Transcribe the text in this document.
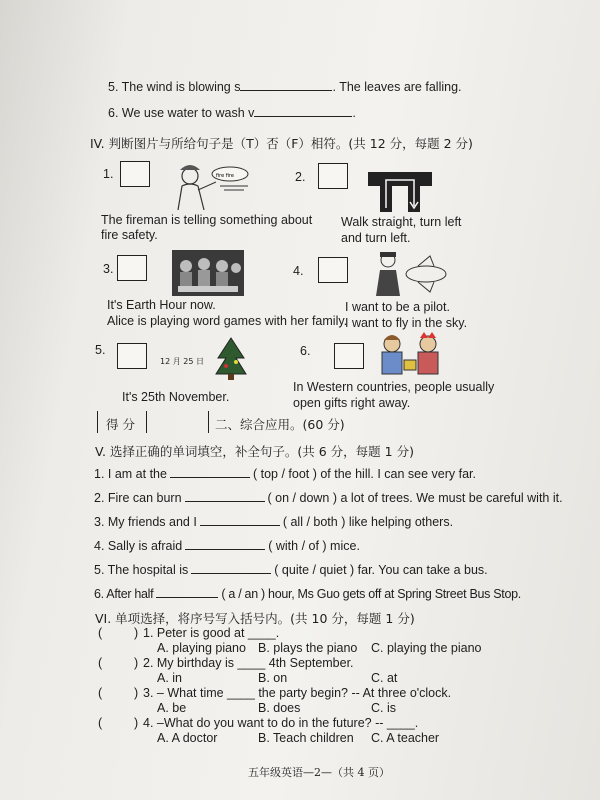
5. The wind is blowing s	. The leaves are falling.
6. We use water to wash v	.
IV. 判断图片与所给句子是（T）否（F）相符。(共 12 分，每题 2 分)
1.	fire fire
The fireman is telling something about
fire safety.
2.
Walk straight, turn left
and turn left.
3.
It's Earth Hour now.
Alice is playing word games with her family.
4.
I want to be a pilot.
I want to fly in the sky.
5.
12 月 25 日
It's 25th November.
6.
In Western countries, people usually
open gifts right away.
得 分	二、综合应用。(60 分)
V. 选择正确的单词填空，补全句子。(共 6 分，每题 1 分)
1. I am at the	( top / foot ) of the hill. I can see very far.
2. Fire can burn	( on / down ) a lot of trees. We must be careful with it.
3. My friends and I	( all / both ) like helping others.
4. Sally is afraid	( with / of ) mice.
5. The hospital is	( quite / quiet ) far. You can take a bus.
6. After half	( a / an ) hour, Ms Guo gets off at Spring Street Bus Stop.
VI. 单项选择，将序号写入括号内。(共 10 分，每题 1 分)
(	) 1. Peter is good at ____.
A. playing piano B. plays the piano C. playing the piano
(	) 2. My birthday is ____ 4th September.
A. in	B. on	C. at
(	) 3. – What time ____ the party begin? -- At three o'clock.
A. be	B. does	C. is
(	) 4. –What do you want to do in the future? -- ____.
A. A doctor	B. Teach children C. A teacher
五年级英语—2—（共 4 页）
